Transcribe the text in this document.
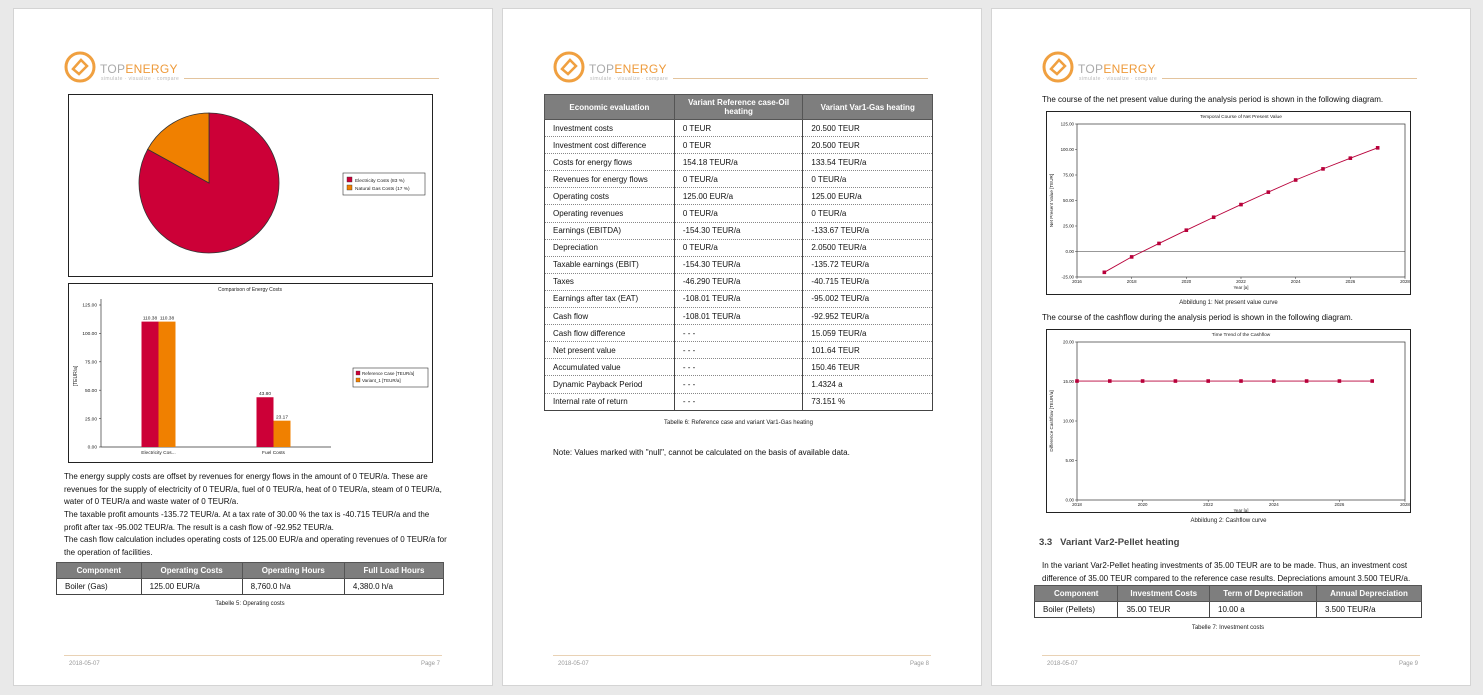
TOPENERGY
simulate · visualize · compare
Electricity Costs (83 %)
Natural Gas Costs (17 %)
Comparison of Energy Costs
0.00
25.00
50.00
75.00
100.00
125.00
[TEUR/a]
110.38 110.38
Electricity Cos...
43.80
23.17
Fuel Costs
Reference Case [TEUR/a]
Variant_1 [TEUR/a]
The energy supply costs are offset by revenues for energy flows in the amount of 0 TEUR/a. These are revenues for the supply of electricity of 0 TEUR/a, fuel of 0 TEUR/a, heat of 0 TEUR/a, steam of 0 TEUR/a, water of 0 TEUR/a and waste water of 0 TEUR/a.
The taxable profit amounts -135.72 TEUR/a. At a tax rate of 30.00 % the tax is -40.715 TEUR/a and the profit after tax -95.002 TEUR/a. The result is a cash flow of -92.952 TEUR/a.
The cash flow calculation includes operating costs of 125.00 EUR/a and operating revenues of 0 TEUR/a for the operation of facilities.
Component	Operating Costs	Operating Hours	Full Load Hours
Boiler (Gas)	125.00 EUR/a	8,760.0 h/a	4,380.0 h/a
Tabelle 5: Operating costs
2018-05-07	Page 7
TOPENERGY
simulate · visualize · compare
Economic evaluation	Variant Reference case-Oil heating	Variant Var1-Gas heating
Investment costs	0 TEUR	20.500 TEUR
Investment cost difference	0 TEUR	20.500 TEUR
Costs for energy flows	154.18 TEUR/a	133.54 TEUR/a
Revenues for energy flows	0 TEUR/a	0 TEUR/a
Operating costs	125.00 EUR/a	125.00 EUR/a
Operating revenues	0 TEUR/a	0 TEUR/a
Earnings (EBITDA)	-154.30 TEUR/a	-133.67 TEUR/a
Depreciation	0 TEUR/a	2.0500 TEUR/a
Taxable earnings (EBIT)	-154.30 TEUR/a	-135.72 TEUR/a
Taxes	-46.290 TEUR/a	-40.715 TEUR/a
Earnings after tax (EAT)	-108.01 TEUR/a	-95.002 TEUR/a
Cash flow	-108.01 TEUR/a	-92.952 TEUR/a
Cash flow difference	- - -	15.059 TEUR/a
Net present value	- - -	101.64 TEUR
Accumulated value	- - -	150.46 TEUR
Dynamic Payback Period	- - -	1.4324 a
Internal rate of return	- - -	73.151 %
Tabelle 6: Reference case and variant Var1-Gas heating
Note: Values marked with "null", cannot be calculated on the basis of available data.
2018-05-07	Page 8
TOPENERGY
simulate · visualize · compare
The course of the net present value during the analysis period is shown in the following diagram.
Temporal Course of Net Present Value
-25.00
0.00
25.00
50.00
75.00
100.00
125.00
2016	2018	2020	2022	2024	2026	2028
Year [a]
Net Present Value [TEUR]
Abbildung 1: Net present value curve
The course of the cashflow during the analysis period is shown in the following diagram.
Time Trend of the Cashflow
0.00
5.00
10.00
15.00
20.00
2018	2020	2022	2024	2026	2028
Year [a]
Difference Cashflow [TEUR/a]
Abbildung 2: Cashflow curve
3.3 Variant Var2-Pellet heating
In the variant Var2-Pellet heating investments of 35.00 TEUR are to be made. Thus, an investment cost difference of 35.00 TEUR compared to the reference case results. Depreciations amount 3.500 TEUR/a.
Component	Investment Costs	Term of Depreciation	Annual Depreciation
Boiler (Pellets)	35.00 TEUR	10.00 a	3.500 TEUR/a
Tabelle 7: Investment costs
2018-05-07	Page 9
